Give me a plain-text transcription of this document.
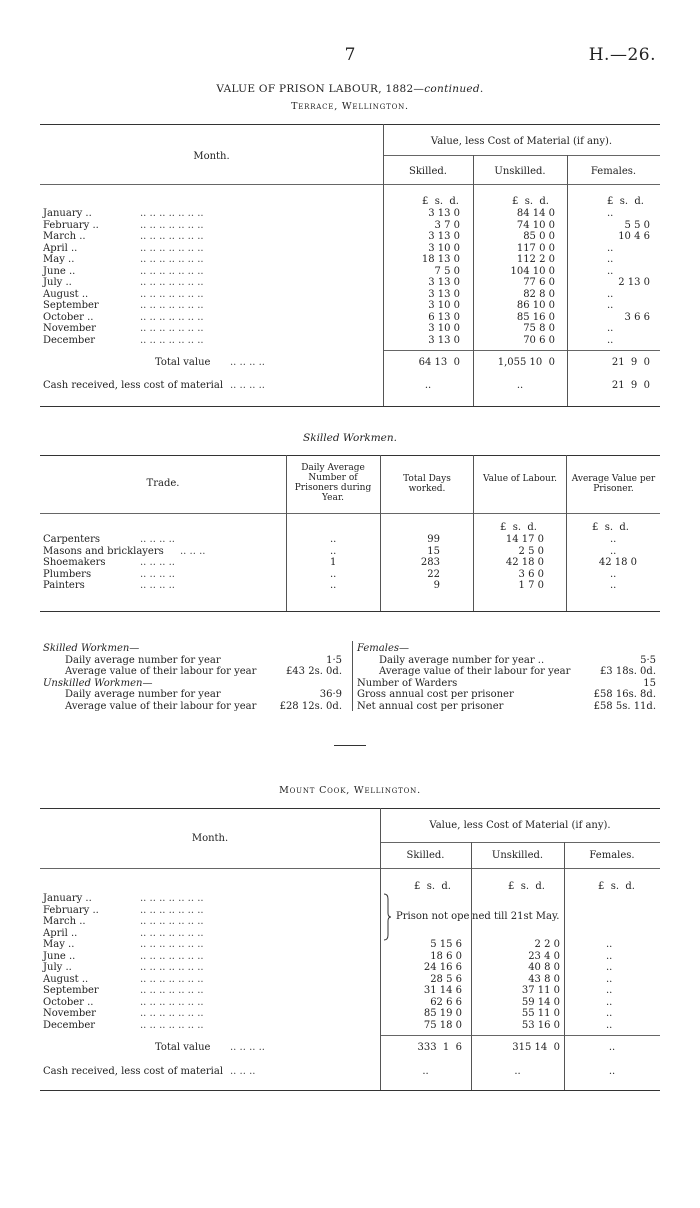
7	H.—26.
VALUE OF PRISON LABOUR, 1882—continued.
Terrace, Wellington.
Month.
Value, less Cost of Material (if any).
Skilled.	Unskilled.	Females.
£  s.  d.	£  s.  d.	£  s.  d.
January ..	.. .. .. .. .. .. ..	3 13 0	84 14 0	..
February ..	.. .. .. .. .. .. ..	3 7 0	74 10 0	5 5 0
March ..	.. .. .. .. .. .. ..	3 13 0	85 0 0	10 4 6
April ..	.. .. .. .. .. .. ..	3 10 0	117 0 0	..
May ..	.. .. .. .. .. .. ..	18 13 0	112 2 0	..
June ..	.. .. .. .. .. .. ..	7 5 0	104 10 0	..
July ..	.. .. .. .. .. .. ..	3 13 0	77 6 0	2 13 0
August ..	.. .. .. .. .. .. ..	3 13 0	82 8 0	..
September	.. .. .. .. .. .. ..	3 10 0	86 10 0	..
October ..	.. .. .. .. .. .. ..	6 13 0	85 16 0	3 6 6
November	.. .. .. .. .. .. ..	3 10 0	75 8 0	..
December	.. .. .. .. .. .. ..	3 13 0	70 6 0	..
Total value .. .. .. ..	64 13  0	1,055 10  0	21  9  0
Cash received, less cost of material .. .. .. ..	..	..	21  9  0
Skilled Workmen.
Trade.
Daily Average Number of Prisoners during Year.
Total Days worked.
Value of Labour.	Average Value per Prisoner.
£  s.  d.	£  s.  d.
Carpenters	.. .. .. ..	..	99	14 17 0	..
Masons and bricklayers .. .. ..	..	15	2 5 0	..
Shoemakers	.. .. .. ..	1	283	42 18 0	42 18 0
Plumbers	.. .. .. ..	..	22	3 6 0	..
Painters	.. .. .. ..	..	9	1 7 0	..
Skilled Workmen—
Daily average number for year	1·5
Average value of their labour for year	£43 2s. 0d.
Unskilled Workmen—
Daily average number for year	36·9
Average value of their labour for year £28 12s. 0d.
Females—
Daily average number for year ..	5·5
Average value of their labour for year	£3 18s. 0d.
Number of Warders	15
Gross annual cost per prisoner	£58 16s. 8d.
Net annual cost per prisoner	£58 5s. 11d.
Mount Cook, Wellington.
Month.
Value, less Cost of Material (if any).
Skilled.	Unskilled.	Females.
£  s.  d.	£  s.  d.	£  s.  d.
Prison not ope ned till 21st May.
January ..	.. .. .. .. .. .. ..
February ..	.. .. .. .. .. .. ..
March ..	.. .. .. .. .. .. ..
April ..	.. .. .. .. .. .. ..
May ..	.. .. .. .. .. .. ..	5 15 6	2 2 0	..
June ..	.. .. .. .. .. .. ..	18 6 0	23 4 0	..
July ..	.. .. .. .. .. .. ..	24 16 6	40 8 0	..
August ..	.. .. .. .. .. .. ..	28 5 6	43 8 0	..
September	.. .. .. .. .. .. ..	31 14 6	37 11 0	..
October ..	.. .. .. .. .. .. ..	62 6 6	59 14 0	..
November	.. .. .. .. .. .. ..	85 19 0	55 11 0	..
December	.. .. .. .. .. .. ..	75 18 0	53 16 0	..
Total value .. .. .. ..	333  1  6	315 14  0	..
Cash received, less cost of material .. .. ..	..	..	..
